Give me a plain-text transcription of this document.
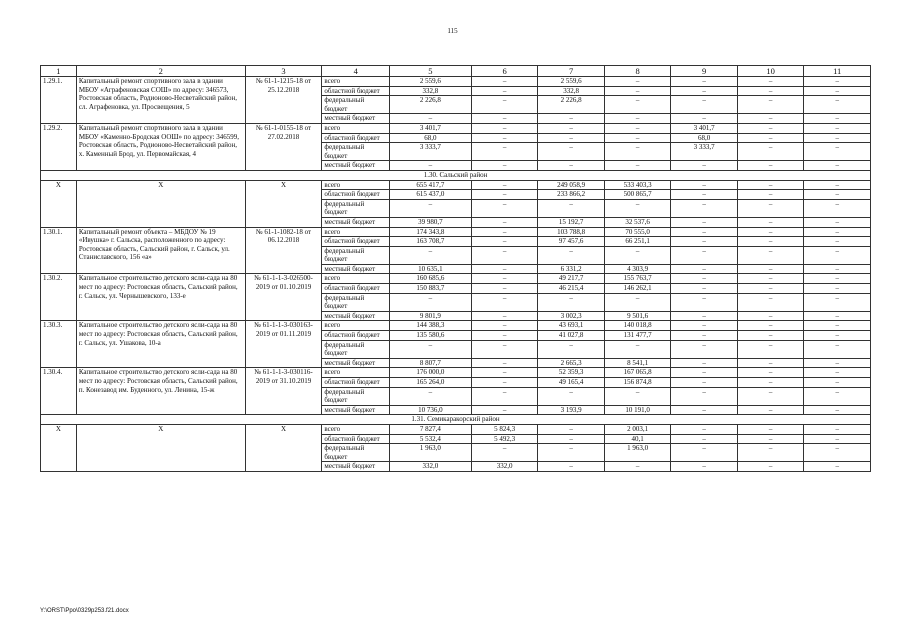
115
1	2	3	4	5	6	7	8	9	10	11
1.29.1.	Капитальный ремонт спортивного зала в здании МБОУ «Аграфеновская СОШ» по адресу: 346573, Ростовская область, Родионово-Несветайский район, сл. Аграфеновка, ул. Просвещения, 5	№ 61-1-1215-18 от 25.12.2018	всего	2 559,6	–	2 559,6	–	–	–	–
			областной бюджет	332,8	–	332,8	–	–	–	–
			федеральный бюджет	2 226,8	–	2 226,8	–	–	–	–
			местный бюджет	–	–	–	–	–	–	–
1.29.2.	Капитальный ремонт спортивного зала в здании МБОУ «Каменно-Бродская ООШ» по адресу: 346599, Ростовская область, Родионово-Несветайский район, х. Каменный Брод, ул. Первомайская, 4	№ 61-1-0155-18 от 27.02.2018	всего	3 401,7	–	–	–	3 401,7	–	–
			областной бюджет	68,0	–	–	–	68,0	–	–
			федеральный бюджет	3 333,7	–	–	–	3 333,7	–	–
			местный бюджет	–	–	–	–	–	–	–
1.30. Сальский район										
Х	Х	Х	всего	655 417,7	–	249 058,9	533 403,3	–	–	–
			областной бюджет	615 437,0	–	233 866,2	500 865,7	–	–	–
			федеральный бюджет	–	–	–	–	–	–	–
			местный бюджет	39 980,7	–	15 192,7	32 537,6	–	–	–
1.30.1.	Капитальный ремонт объекта – МБДОУ № 19 «Ивушка» г. Сальска, расположенного по адресу: Ростовская область, Сальский район, г. Сальск, ул. Станиславского, 156 «а»	№ 61-1-1082-18 от 06.12.2018	всего	174 343,8	–	103 788,8	70 555,0	–	–	–
			областной бюджет	163 708,7	–	97 457,6	66 251,1	–	–	–
			федеральный бюджет	–	–	–	–	–	–	–
			местный бюджет	10 635,1	–	6 331,2	4 303,9	–	–	–
1.30.2.	Капитальное строительство детского ясли-сада на 80 мест по адресу: Ростовская область, Сальский район, г. Сальск, ул. Чернышевского, 133-е	№ 61-1-1-3-026500-2019 от 01.10.2019	всего	160 685,6	–	49 217,7	155 763,7	–	–	–
			областной бюджет	150 883,7	–	46 215,4	146 262,1	–	–	–
			федеральный бюджет	–	–	–	–	–	–	–
			местный бюджет	9 801,9	–	3 002,3	9 501,6	–	–	–
1.30.3.	Капитальное строительство детского ясли-сада на 80 мест по адресу: Ростовская область, Сальский район, г. Сальск, ул. Ушакова, 10-а	№ 61-1-1-3-030163-2019 от 01.11.2019	всего	144 388,3	–	43 693,1	140 018,8	–	–	–
			областной бюджет	135 580,6	–	41 027,8	131 477,7	–	–	–
			федеральный бюджет	–	–	–	–	–	–	–
			местный бюджет	8 807,7	–	2 665,3	8 541,1	–	–	–
1.30.4.	Капитальное строительство детского ясли-сада на 80 мест по адресу: Ростовская область, Сальский район, п. Конезавод им. Буденного, ул. Ленина, 15-ж	№ 61-1-1-3-030116-2019 от 31.10.2019	всего	176 000,0	–	52 359,3	167 065,8	–	–	–
			областной бюджет	165 264,0	–	49 165,4	156 874,8	–	–	–
			федеральный бюджет	–	–	–	–	–	–	–
			местный бюджет	10 736,0	–	3 193,9	10 191,0	–	–	–
1.31. Семикаракорский район										
Х	Х	Х	всего	7 827,4	5 824,3	–	2 003,1	–	–	–
			областной бюджет	5 532,4	5 492,3	–	40,1	–	–	–
			федеральный бюджет	1 963,0	–	–	1 963,0	–	–	–
			местный бюджет	332,0	332,0	–	–	–	–	–
Y:\ORST\Ppo\0329p253.f21.docx
